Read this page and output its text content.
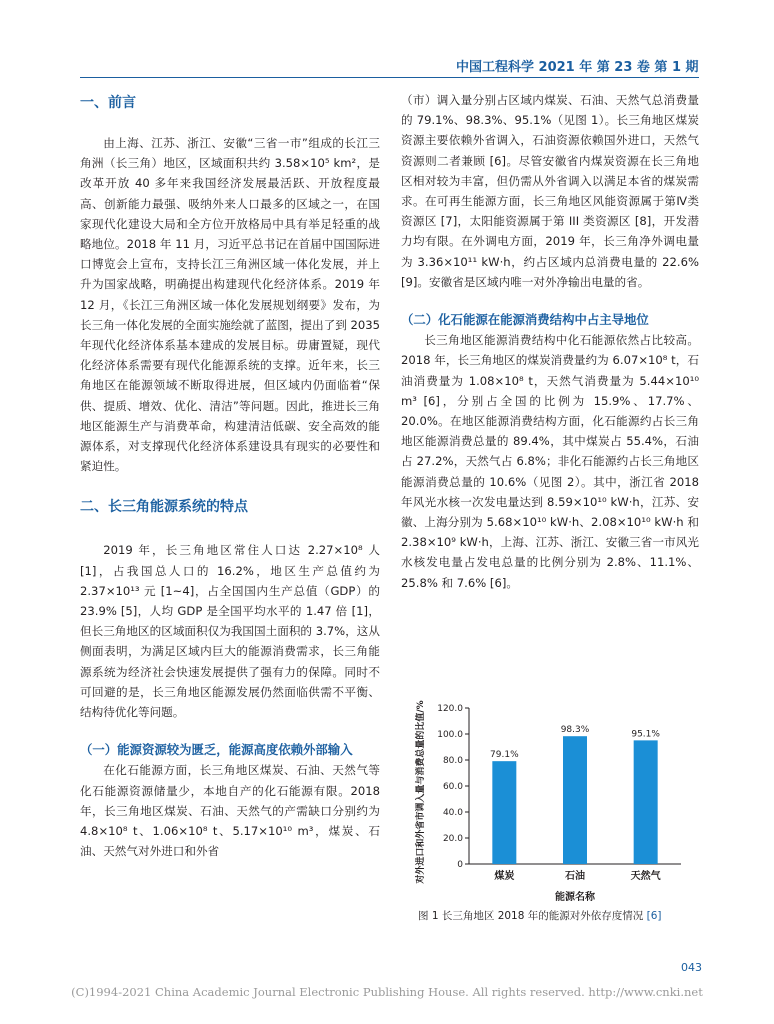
中国工程科学 2021 年 第 23 卷 第 1 期
一、前言

由上海、江苏、浙江、安徽“三省一市”组成的长江三角洲（长三角）地区，区域面积共约 3.58×10⁵ km²，是改革开放 40 多年来我国经济发展最活跃、开放程度最高、创新能力最强、吸纳外来人口最多的区域之一，在国家现代化建设大局和全方位开放格局中具有举足轻重的战略地位。2018 年 11 月，习近平总书记在首届中国国际进口博览会上宣布，支持长江三角洲区域一体化发展，并上升为国家战略，明确提出构建现代化经济体系。2019 年 12 月，《长江三角洲区域一体化发展规划纲要》发布，为长三角一体化发展的全面实施绘就了蓝图，提出了到 2035 年现代化经济体系基本建成的发展目标。毋庸置疑，现代化经济体系需要有现代化能源系统的支撑。近年来，长三角地区在能源领域不断取得进展，但区域内仍面临着“保供、提质、增效、优化、清洁”等问题。因此，推进长三角地区能源生产与消费革命，构建清洁低碳、安全高效的能源体系，对支撑现代化经济体系建设具有现实的必要性和紧迫性。

二、长三角能源系统的特点

2019 年，长三角地区常住人口达 2.27×10⁸ 人 [1]，占我国总人口的 16.2%，地区生产总值约为 2.37×10¹³ 元 [1~4]，占全国国内生产总值（GDP）的 23.9% [5]，人均 GDP 是全国平均水平的 1.47 倍 [1]，但长三角地区的区域面积仅为我国国土面积的 3.7%，这从侧面表明，为满足区域内巨大的能源消费需求，长三角能源系统为经济社会快速发展提供了强有力的保障。同时不可回避的是，长三角地区能源发展仍然面临供需不平衡、结构待优化等问题。

（一）能源资源较为匮乏，能源高度依赖外部输入

在化石能源方面，长三角地区煤炭、石油、天然气等化石能源资源储量少，本地自产的化石能源有限。2018 年，长三角地区煤炭、石油、天然气的产需缺口分别约为 4.8×10⁸ t、1.06×10⁸ t、5.17×10¹⁰ m³，煤炭、石油、天然气对外进口和外省

（市）调入量分别占区域内煤炭、石油、天然气总消费量的 79.1%、98.3%、95.1%（见图 1）。长三角地区煤炭资源主要依赖外省调入，石油资源依赖国外进口，天然气资源则二者兼顾 [6]。尽管安徽省内煤炭资源在长三角地区相对较为丰富，但仍需从外省调入以满足本省的煤炭需求。在可再生能源方面，长三角地区风能资源属于第Ⅳ类资源区 [7]，太阳能资源属于第 III 类资源区 [8]，开发潜力均有限。在外调电方面，2019 年，长三角净外调电量为 3.36×10¹¹ kW·h，约占区域内总消费电量的 22.6% [9]。安徽省是区域内唯一对外净输出电量的省。

（二）化石能源在能源消费结构中占主导地位

长三角地区能源消费结构中化石能源依然占比较高。2018 年，长三角地区的煤炭消费量约为 6.07×10⁸ t，石油消费量为 1.08×10⁸ t，天然气消费量为 5.44×10¹⁰ m³ [6]，分别占全国的比例为 15.9%、17.7%、20.0%。在地区能源消费结构方面，化石能源约占长三角地区能源消费总量的 89.4%，其中煤炭占 55.4%，石油占 27.2%，天然气占 6.8%；非化石能源约占长三角地区能源消费总量的 10.6%（见图 2）。其中，浙江省 2018 年风光水核一次发电量达到 8.59×10¹⁰ kW·h，江苏、安徽、上海分别为 5.68×10¹⁰ kW·h、2.08×10¹⁰ kW·h 和 2.38×10⁹ kW·h，上海、江苏、浙江、安徽三省一市风光水核发电量占发电总量的比例分别为 2.8%、11.1%、25.8% 和 7.6% [6]。

0
20.0
40.0
60.0
80.0
100.0
120.0
79.1%
煤炭
98.3%
石油
95.1%
天然气
对外进口和外省市调入量与消费总量的比值/%
能源名称
图 1 长三角地区 2018 年的能源对外依存度情况 [6]
043
(C)1994-2021 China Academic Journal Electronic Publishing House. All rights reserved. http://www.cnki.net
